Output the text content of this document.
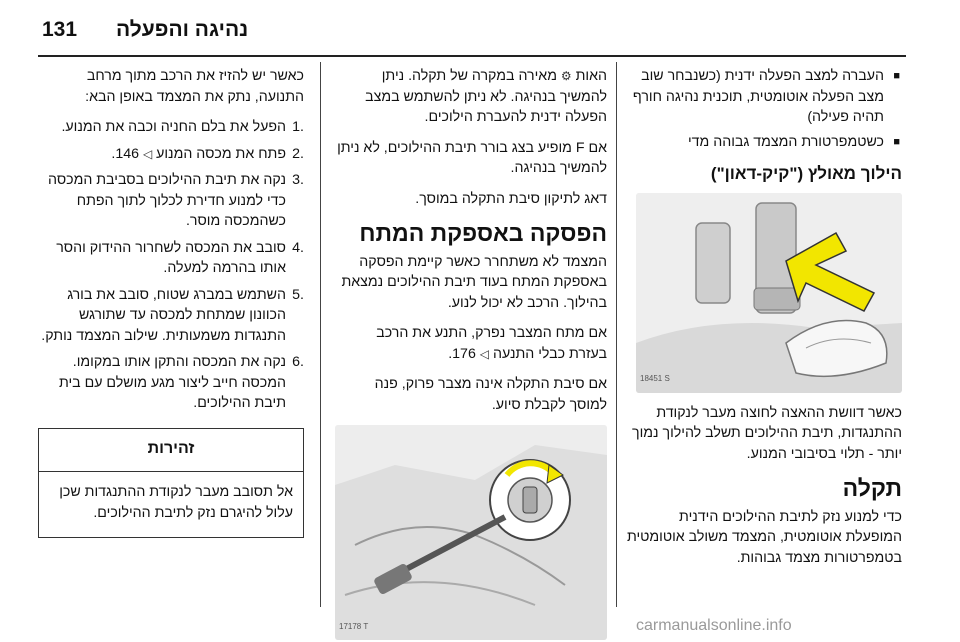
131 נהיגה והפעלה
■
העברה למצב הפעלה ידנית (כשנבחר שוב מצב הפעלה אוטומטית, תוכנית נהיגה חורף תהיה פעילה)
■
כשטמפרטורת המצמד גבוהה מדי
הילוך מאולץ ("קיק-דאון")
18451 S
כאשר דוושת ההאצה לחוצה מעבר לנקודת ההתנגדות, תיבת ההילוכים תשלב להילוך נמוך יותר - תלוי בסיבובי המנוע.
תקלה
כדי למנוע נזק לתיבת ההילוכים הידנית המופעלת אוטומטית, המצמד משולב אוטומטית בטמפרטורות מצמד גבוהות.
האות ⚙ מאירה במקרה של תקלה. ניתן להמשיך בנהיגה. לא ניתן להשתמש במצב הפעלה ידנית להעברת הילוכים.
אם F מופיע בצג בורר תיבת ההילוכים, לא ניתן להמשיך בנהיגה.
דאג לתיקון סיבת התקלה במוסך.
הפסקה באספקת המתח
המצמד לא משתחרר כאשר קיימת הפסקה באספקת המתח בעוד תיבת ההילוכים נמצאת בהילוך. הרכב לא יכול לנוע.
אם מתח המצבר נפרק, התנע את הרכב בעזרת כבלי התנעה ◁ 176.
אם סיבת התקלה אינה מצבר פרוק, פנה למוסך לקבלת סיוע.
17178 T
כאשר יש להזיז את הרכב מתוך מרחב התנועה, נתק את המצמד באופן הבא:
1.
הפעל את בלם החניה וכבה את המנוע.
2.
פתח את מכסה המנוע ◁ 146.
3.
נקה את תיבת ההילוכים בסביבת המכסה כדי למנוע חדירת לכלוך לתוך הפתח כשהמכסה מוסר.
4.
סובב את המכסה לשחרור ההידוק והסר אותו בהרמה למעלה.
5.
השתמש במברג שטוח, סובב את בורג הכוונון שמתחת למכסה עד שתורגש התנגדות משמעותית. שילוב המצמד נותק.
6.
נקה את המכסה והתקן אותו במקומו. המכסה חייב ליצור מגע מושלם עם בית תיבת ההילוכים.
זהירות
אל תסובב מעבר לנקודת ההתנגדות שכן עלול להיגרם נזק לתיבת ההילוכים.
carmanualsonline.info
